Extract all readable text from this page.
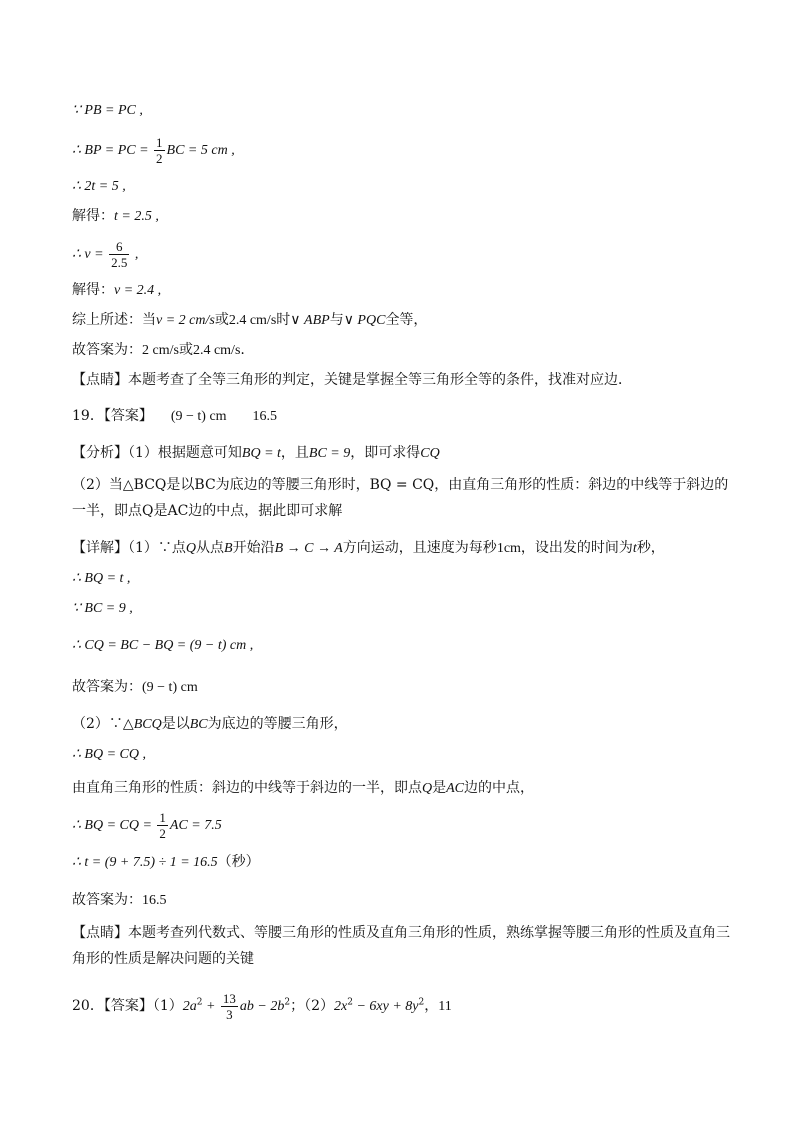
∵ PB = PC ,
∴ BP = PC = $\frac{1}{2}$ BC = 5 cm ,
∴ 2t = 5 ,
解得：t = 2.5 ,
∴ $v = \frac{6}{2.5}$ ,
解得：v = 2.4 ,
综上所述：当v = 2 cm/s或2.4 cm/s时∨ ABP与∨ PQC全等，
故答案为：2 cm/s或2.4 cm/s.
【点睛】本题考查了全等三角形的判定，关键是掌握全等三角形全等的条件，找准对应边．
19．【答案】 (9 − t) cm 16.5
【分析】（1）根据题意可知BQ = t，且BC = 9，即可求得CQ
（2）当△BCQ是以BC为底边的等腰三角形时，BQ = CQ，由直角三角形的性质：斜边的中线等于斜边的一半，即点Q是AC边的中点，据此即可求解
【详解】（1）∵点Q从点B开始沿B → C → A方向运动，且速度为每秒1cm，设出发的时间为t秒，
∴ BQ = t ,
∵ BC = 9 ,
∴ CQ = BC − BQ = (9 − t) cm ,
故答案为：(9 − t) cm
（2）∵△BCQ是以BC为底边的等腰三角形，
∴ BQ = CQ ,
由直角三角形的性质：斜边的中线等于斜边的一半，即点Q是AC边的中点，
∴ BQ = CQ = $\frac{1}{2}$ AC = 7.5
∴ t = (9 + 7.5) ÷ 1 = 16.5（秒）
故答案为：16.5
【点睛】本题考查列代数式、等腰三角形的性质及直角三角形的性质，熟练掌握等腰三角形的性质及直角三角形的性质是解决问题的关键
20．【答案】$(1)2a^2 + \frac{13}{3}$ ab − $2b^2$；$(2)2x^2 - 6xy + 8y^2$，11
